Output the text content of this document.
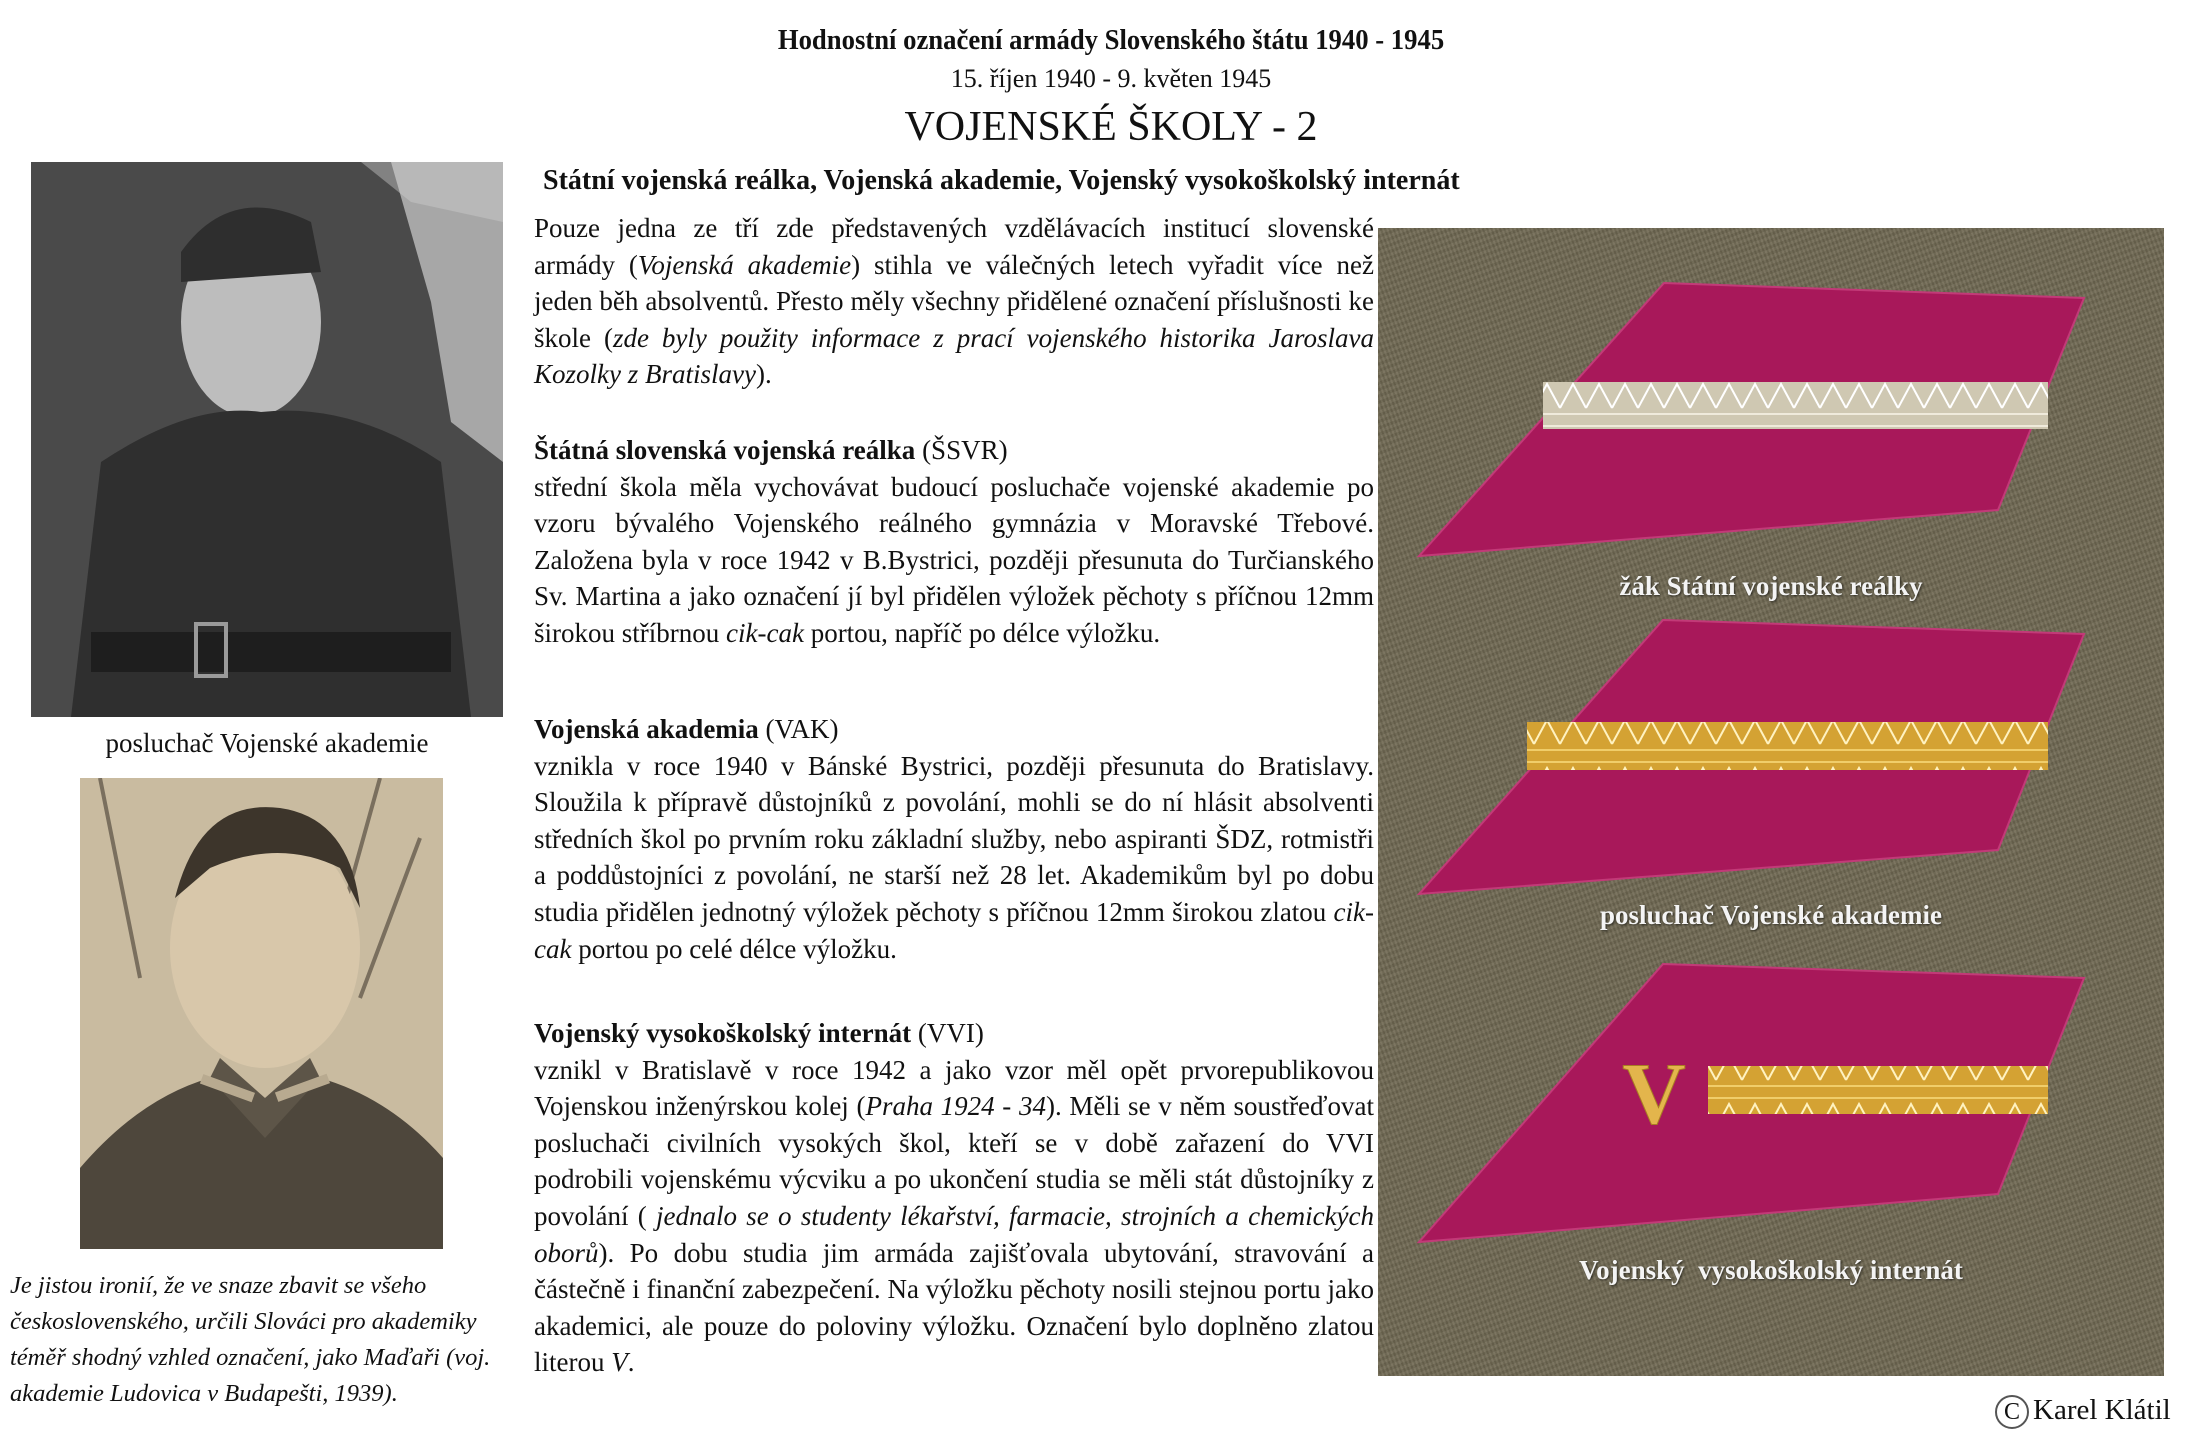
Hodnostní označení armády Slovenského štátu 1940 - 1945
15. říjen 1940 - 9. květen 1945
VOJENSKÉ ŠKOLY - 2
Státní vojenská reálka, Vojenská akademie, Vojenský vysokoškolský internát
posluchač Vojenské akademie
Je jistou ironií, že ve snaze zbavit se všeho československého, určili Slováci pro akademiky téměř shodný vzhled označení, jako Maďaři (voj. akademie Ludovica v Budapešti, 1939).

Pouze jedna ze tří zde představených vzdělávacích institucí slovenské armády (Vojenská akademie) stihla ve válečných letech vyřadit více než jeden běh absolventů. Přesto měly všechny přidělené označení příslušnosti ke škole (zde byly použity informace z prací vojenského historika Jaroslava Kozolky z Bratislavy).

Štátná slovenská vojenská reálka (ŠSVR)

střední škola měla vychovávat budoucí posluchače vojenské akademie po vzoru bývalého Vojenského reálného gymnázia v Moravské Třebové. Založena byla v roce 1942 v B.Bystrici, později přesunuta do Turčianského Sv. Martina a jako označení jí byl přidělen výložek pěchoty s příčnou 12mm širokou stříbrnou cik-cak portou, napříč po délce výložku.

Vojenská akademia (VAK)

vznikla v roce 1940 v Bánské Bystrici, později přesunuta do Bratislavy. Sloužila k přípravě důstojníků z povolání, mohli se do ní hlásit absolventi středních škol po prvním roku základní služby, nebo aspiranti ŠDZ, rotmistři a poddůstojníci z povolání, ne starší než 28 let. Akademikům byl po dobu studia přidělen jednotný výložek pěchoty s příčnou 12mm širokou zlatou cik-cak portou po celé délce výložku.

Vojenský vysokoškolský internát (VVI)

vznikl v Bratislavě v roce 1942 a jako vzor měl opět prvorepublikovou Vojenskou inženýrskou kolej (Praha 1924 - 34). Měli se v něm soustřeďovat posluchači civilních vysokých škol, kteří se v době zařazení do VVI podrobili vojenskému výcviku a po ukončení studia se měli stát důstojníky z povolání ( jednalo se o studenty lékařství, farmacie, strojních a chemických oborů). Po dobu studia jim armáda zajišťovala ubytování, stravování a částečně i finanční zabezpečení. Na výložku pěchoty nosili stejnou portu jako akademici, ale pouze do poloviny výložku. Označení bylo doplněno zlatou literou V.

V
žák Státní vojenské reálky
posluchač Vojenské akademie
Vojenský  vysokoškolský internát
C Karel Klátil
